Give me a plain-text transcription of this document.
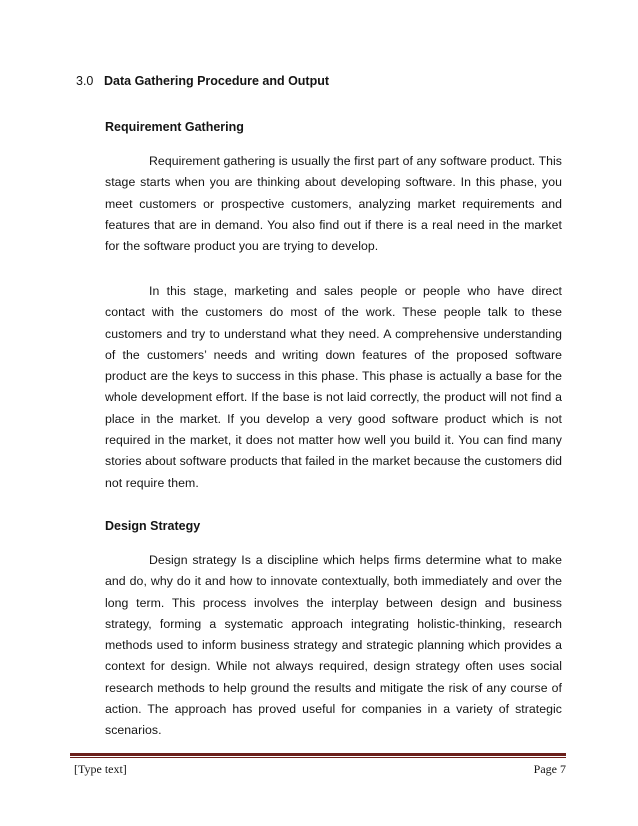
3.0 Data Gathering Procedure and Output
Requirement Gathering

Requirement gathering is usually the first part of any software product. This stage starts when you are thinking about developing software. In this phase, you meet customers or prospective customers, analyzing market requirements and features that are in demand. You also find out if there is a real need in the market for the software product you are trying to develop.

In this stage, marketing and sales people or people who have direct contact with the customers do most of the work. These people talk to these customers and try to understand what they need. A comprehensive understanding of the customers’ needs and writing down features of the proposed software product are the keys to success in this phase. This phase is actually a base for the whole development effort. If the base is not laid correctly, the product will not find a place in the market. If you develop a very good software product which is not required in the market, it does not matter how well you build it. You can find many stories about software products that failed in the market because the customers did not require them.

Design Strategy

Design strategy Is a discipline which helps firms determine what to make and do, why do it and how to innovate contextually, both immediately and over the long term. This process involves the interplay between design and business strategy, forming a systematic approach integrating holistic-thinking, research methods used to inform business strategy and strategic planning which provides a context for design. While not always required, design strategy often uses social research methods to help ground the results and mitigate the risk of any course of action. The approach has proved useful for companies in a variety of strategic scenarios.

[Type text]	Page 7
